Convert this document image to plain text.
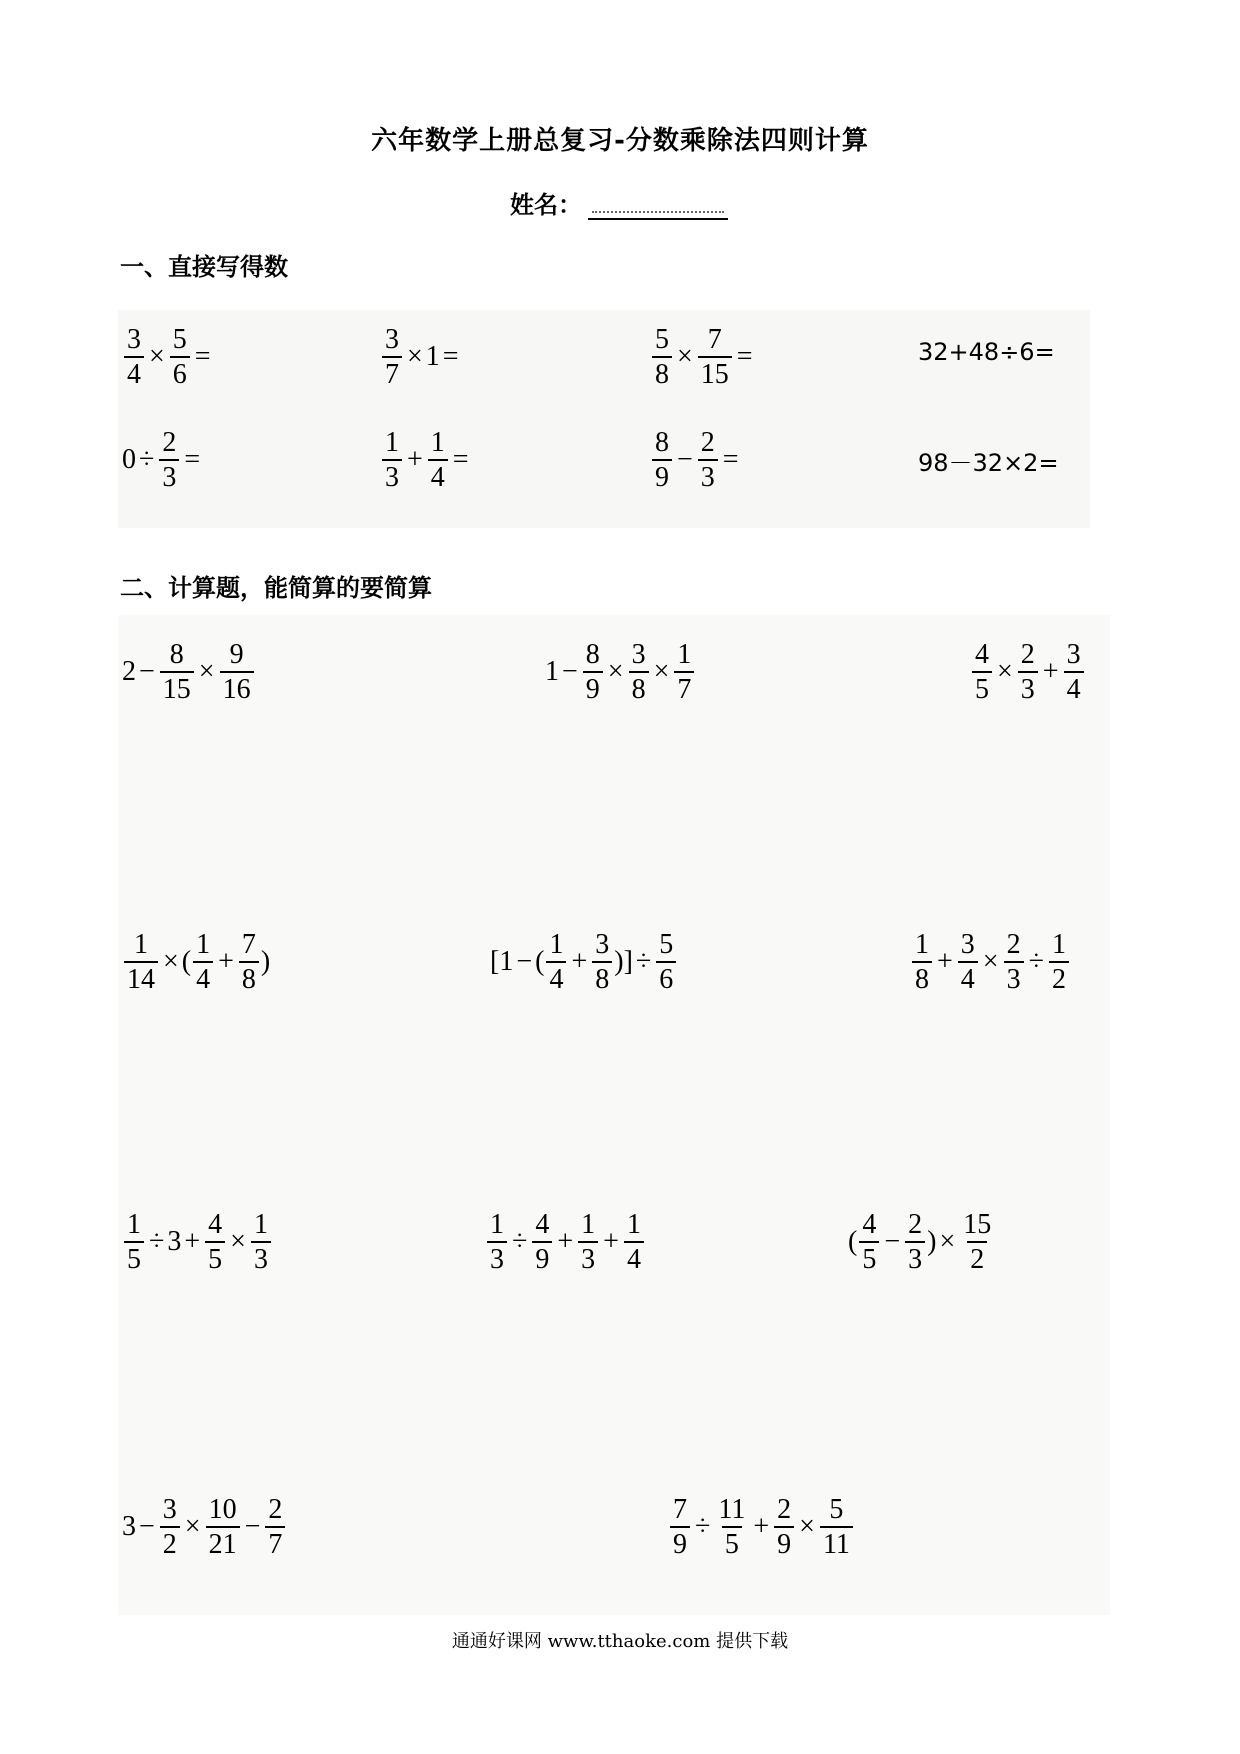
六年数学上册总复习-分数乘除法四则计算
姓名：
一、直接写得数
二、计算题，能简算的要简算
$\frac{3}{4} \times \frac{5}{6}$ =	$\frac{3}{7} \times 1$ =	$\frac{5}{8} \times \frac{7}{15}$ =	32+48÷6=
$0 \div \frac{2}{3}$ =	$\frac{1}{3} + \frac{1}{4}$ =	$\frac{8}{9} - \frac{2}{3}$ =	98－32×2=
$2 - \frac{8}{15} \times \frac{9}{16}$	$1 - \frac{8}{9} \times \frac{3}{8} \times \frac{1}{7}$	$\frac{4}{5} \times \frac{2}{3} + \frac{3}{4}$
$\frac{1}{14}$ × ( $\frac{1}{4} + \frac{7}{8}$ )	[1 − ( $\frac{1}{4} + \frac{3}{8}$ )] ÷ $\frac{5}{6}$	$\frac{1}{8} + \frac{3}{4} \times \frac{2}{3} \div \frac{1}{2}$
$\frac{1}{5} \div 3 + \frac{4}{5} \times \frac{1}{3}$	$\frac{1}{3} \div \frac{4}{9} + \frac{1}{3} + \frac{1}{4}$	( $\frac{4}{5} - \frac{2}{3}$ ) × $\frac{15}{2}$
$3 - \frac{3}{2} \times \frac{10}{21} - \frac{2}{7}$	$\frac{7}{9} \div \frac{11}{5} + \frac{2}{9} \times \frac{5}{11}$
通通好课网 www.tthaoke.com 提供下载
